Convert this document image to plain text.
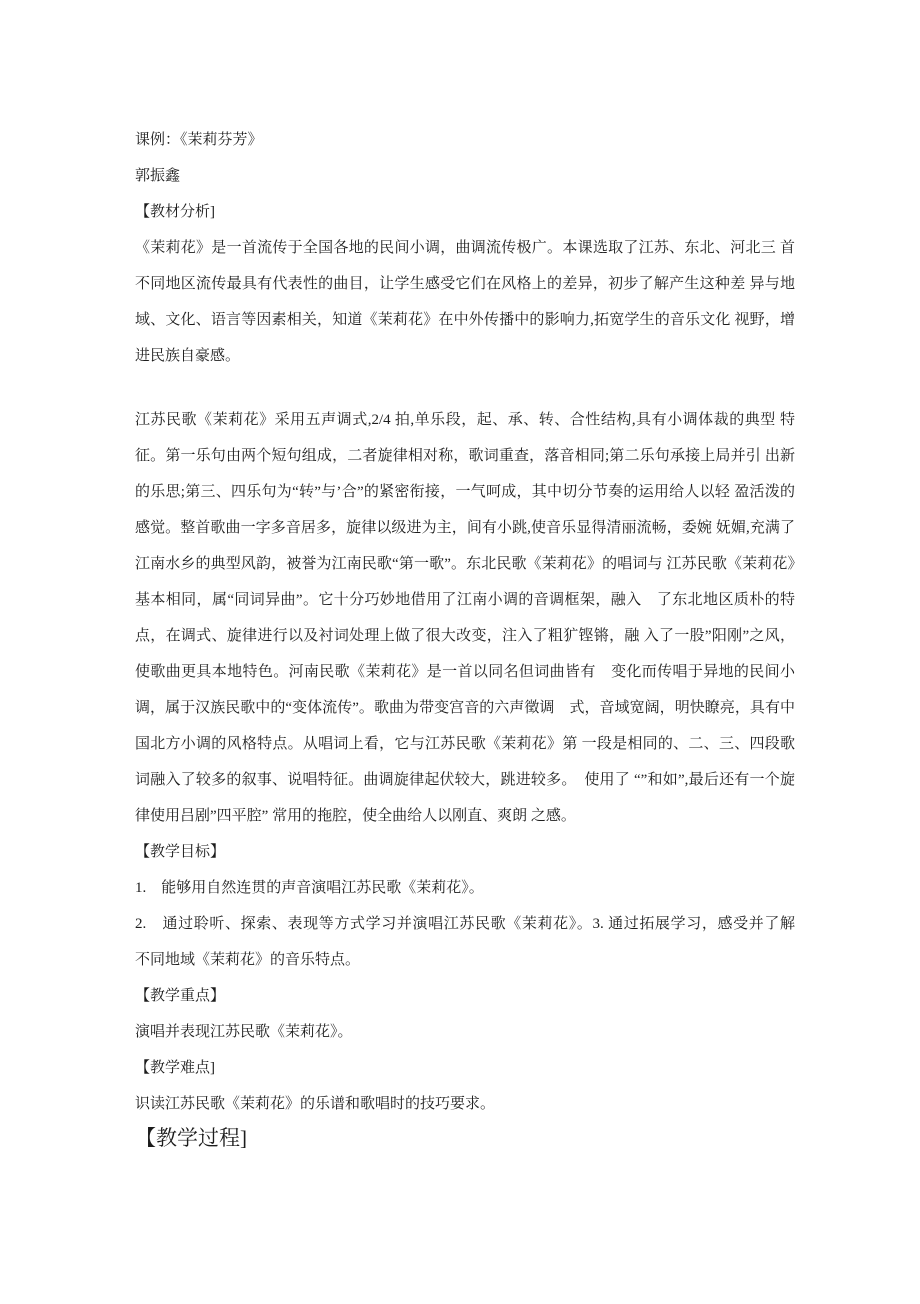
课例：《茉莉芬芳》

郭振鑫

【教材分析]

《茉莉花》是一首流传于全国各地的民间小调，曲调流传极广。本课选取了江苏、东北、河北三 首不同地区流传最具有代表性的曲目，让学生感受它们在风格上的差异，初步了解产生这种差 异与地域、文化、语言等因素相关，知道《茉莉花》在中外传播中的影响力,拓宽学生的音乐文化 视野，增进民族自豪感。

江苏民歌《茉莉花》采用五声调式,2/4 拍,单乐段，起、承、转、合性结构,具有小调体裁的典型 特征。第一乐句由两个短句组成，二者旋律相对称，歌词重查，落音相同;第二乐句承接上局并引 出新的乐思;第三、四乐句为“转”与’合”的紧密衔接，一气呵成，其中切分节奏的运用给人以轻 盈活泼的感觉。整首歌曲一字多音居多，旋律以级进为主，间有小跳,使音乐显得清丽流畅，委婉 妩媚,充满了江南水乡的典型风韵，被誉为江南民歌“第一歌”。东北民歌《茉莉花》的唱词与 江苏民歌《茉莉花》基本相同，属“同词异曲”。它十分巧妙地借用了江南小调的音调框架，融入　了东北地区质朴的特点，在调式、旋律进行以及衬词处理上做了很大改变，注入了粗犷铿锵，融 入了一股”阳刚”之风，使歌曲更具本地特色。河南民歌《茉莉花》是一首以同名但词曲皆有　变化而传唱于异地的民间小调，属于汉族民歌中的“变体流传”。歌曲为带变宫音的六声徵调　式，音域宽阔，明快瞭亮，具有中国北方小调的风格特点。从唱词上看，它与江苏民歌《茉莉花》第 一段是相同的、二、三、四段歌词融入了较多的叙事、说唱特征。曲调旋律起伏较大，跳进较多。　使用了 “”和如”,最后还有一个旋律使用吕剧”四平腔” 常用的拖腔，使全曲给人以刚直、爽朗 之感。

【教学目标】

1.　能够用自然连贯的声音演唱江苏民歌《茉莉花》。

2.　通过聆听、探索、表现等方式学习并演唱江苏民歌《茉莉花》。3. 通过拓展学习，感受并了解　不同地域《茉莉花》的音乐特点。

【教学重点】

演唱并表现江苏民歌《茉莉花》。

【教学难点]

识读江苏民歌《茉莉花》的乐谱和歌唱时的技巧要求。

【教学过程]
